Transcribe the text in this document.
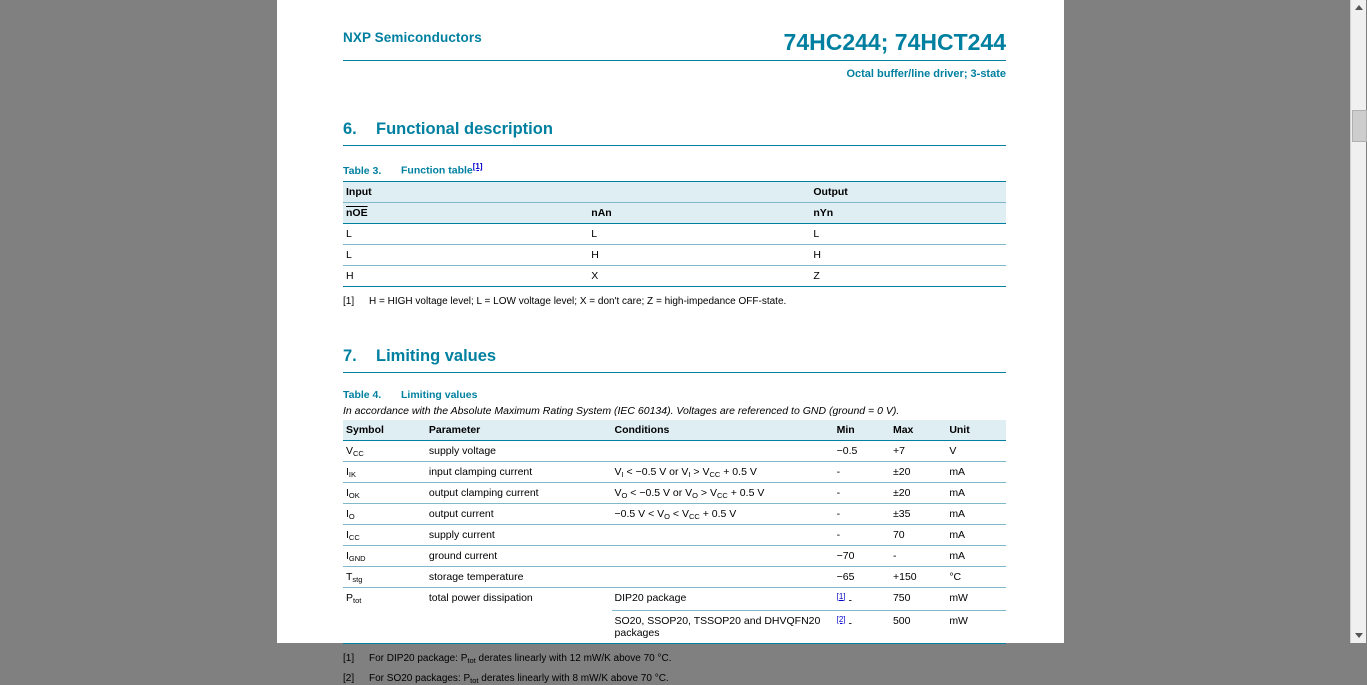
NXP Semiconductors	74HC244; 74HCT244
Octal buffer/line driver; 3-state
6. Functional description
Table 3. Function table[1]
Input		Output
$\overline{nOE}$	nAn	nYn
L	L	L
L	H	H
H	X	Z
[1]	H = HIGH voltage level; L = LOW voltage level; X = don't care; Z = high-impedance OFF-state.
7. Limiting values
Table 4. Limiting values
In accordance with the Absolute Maximum Rating System (IEC 60134). Voltages are referenced to GND (ground = 0 V).
Symbol	Parameter	Conditions	Min	Max	Unit
$V_{CC}$	supply voltage		−0.5	+7	V
$I_{IK}$	input clamping current	$V_I < -0.5$ V or $V_I > V_{CC} + 0.5$ V	-	±20	mA
$I_{OK}$	output clamping current	$V_O < -0.5$ V or $V_O > V_{CC} + 0.5$ V	-	±20	mA
$I_O$	output current	−0.5 $V < V_O < V_{CC} + 0.5$ V	-	±35	mA
$I_{CC}$	supply current		-	70	mA
$I_{GND}$	ground current		−70	-	mA
$T_{stg}$	storage temperature		−65	+150	°C
$P_{tot}$	total power dissipation	DIP20 package	[1] -	750	mW
		SO20, SSOP20, TSSOP20 and DHVQFN20 packages	[2] -	500	mW
[1]	For DIP20 package: $P_{tot}$ derates linearly with 12 mW/K above 70 °C.
[2]	For SO20 packages: $P_{tot}$ derates linearly with 8 mW/K above 70 °C.
